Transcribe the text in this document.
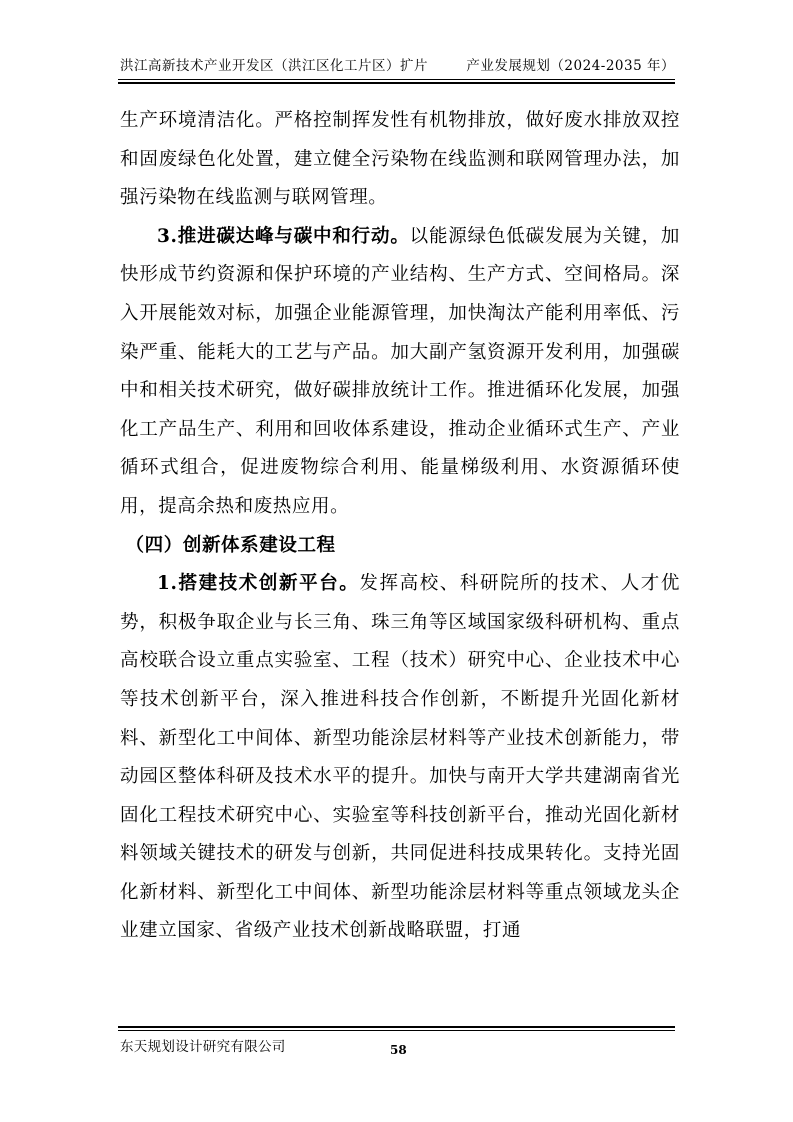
洪江高新技术产业开发区（洪江区化工片区）扩片	产业发展规划（2024-2035 年）

生产环境清洁化。严格控制挥发性有机物排放，做好废水排放双控和固废绿色化处置，建立健全污染物在线监测和联网管理办法，加强污染物在线监测与联网管理。

3.推进碳达峰与碳中和行动。以能源绿色低碳发展为关键，加快形成节约资源和保护环境的产业结构、生产方式、空间格局。深入开展能效对标，加强企业能源管理，加快淘汰产能利用率低、污染严重、能耗大的工艺与产品。加大副产氢资源开发利用，加强碳中和相关技术研究，做好碳排放统计工作。推进循环化发展，加强化工产品生产、利用和回收体系建设，推动企业循环式生产、产业循环式组合，促进废物综合利用、能量梯级利用、水资源循环使用，提高余热和废热应用。

（四）创新体系建设工程

1.搭建技术创新平台。发挥高校、科研院所的技术、人才优势，积极争取企业与长三角、珠三角等区域国家级科研机构、重点高校联合设立重点实验室、工程（技术）研究中心、企业技术中心等技术创新平台，深入推进科技合作创新，不断提升光固化新材料、新型化工中间体、新型功能涂层材料等产业技术创新能力，带动园区整体科研及技术水平的提升。加快与南开大学共建湖南省光固化工程技术研究中心、实验室等科技创新平台，推动光固化新材料领域关键技术的研发与创新，共同促进科技成果转化。支持光固化新材料、新型化工中间体、新型功能涂层材料等重点领域龙头企业建立国家、省级产业技术创新战略联盟，打通

东天规划设计研究有限公司	58
